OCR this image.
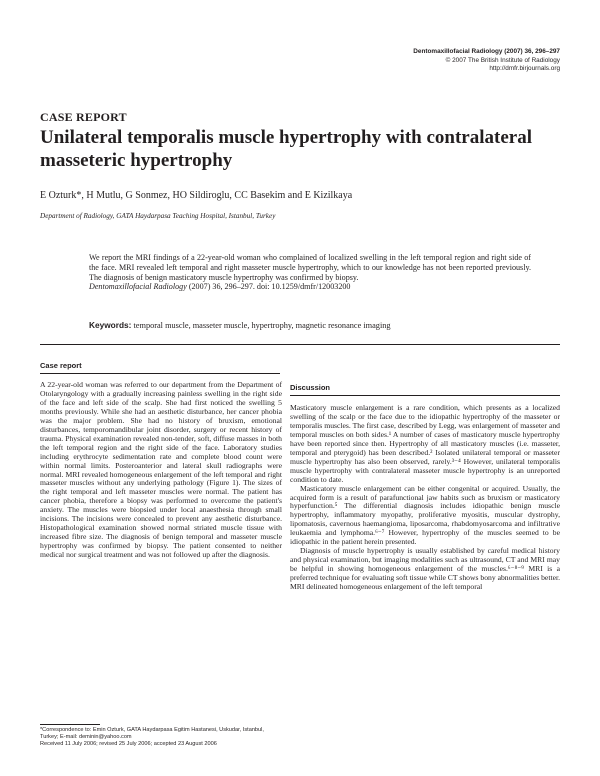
Dentomaxillofacial Radiology (2007) 36, 296–297
© 2007 The British Institute of Radiology
http://dmfr.birjournals.org
CASE REPORT
Unilateral temporalis muscle hypertrophy with contralateral masseteric hypertrophy
E Ozturk*, H Mutlu, G Sonmez, HO Sildiroglu, CC Basekim and E Kizilkaya
Department of Radiology, GATA Haydarpasa Teaching Hospital, Istanbul, Turkey
We report the MRI findings of a 22-year-old woman who complained of localized swelling in the left temporal region and right side of the face. MRI revealed left temporal and right masseter muscle hypertrophy, which to our knowledge has not been reported previously. The diagnosis of benign masticatory muscle hypertrophy was confirmed by biopsy.
Dentomaxillofacial Radiology (2007) 36, 296–297. doi: 10.1259/dmfr/12003200
Keywords: temporal muscle, masseter muscle, hypertrophy, magnetic resonance imaging
Case report

A 22-year-old woman was referred to our department from the Department of Otolaryngology with a gradually increasing painless swelling in the right side of the face and left side of the scalp. She had first noticed the swelling 5 months previously. While she had an aesthetic disturbance, her cancer phobia was the major problem. She had no history of bruxism, emotional disturbances, temporomandibular joint disorder, surgery or recent history of trauma. Physical examination revealed non-tender, soft, diffuse masses in both the left temporal region and the right side of the face. Laboratory studies including erythrocyte sedimentation rate and complete blood count were within normal limits. Posteroanterior and lateral skull radiographs were normal. MRI revealed homogeneous enlargement of the left temporal and right masseter muscles without any underlying pathology (Figure 1). The sizes of the right temporal and left masseter muscles were normal. The patient has cancer phobia, therefore a biopsy was performed to overcome the patient's anxiety. The muscles were biopsied under local anaesthesia through small incisions. The incisions were concealed to prevent any aesthetic disturbance. Histopathological examination showed normal striated muscle tissue with increased fibre size. The diagnosis of benign temporal and masseter muscle hypertrophy was confirmed by biopsy. The patient consented to neither medical nor surgical treatment and was not followed up after the diagnosis.

*Correspondence to: Emin Ozturk, GATA Haydarpasa Egitim Hastanesi, Uskudar, Istanbul, Turkey; E-mail: deminin@yahoo.com
Received 11 July 2006; revised 25 July 2006; accepted 23 August 2006
Discussion

Masticatory muscle enlargement is a rare condition, which presents as a localized swelling of the scalp or the face due to the idiopathic hypertrophy of the masseter or temporalis muscles. The first case, described by Legg, was enlargement of masseter and temporal muscles on both sides.¹ A number of cases of masticatory muscle hypertrophy have been reported since then. Hypertrophy of all masticatory muscles (i.e. masseter, temporal and pterygoid) has been described.² Isolated unilateral temporal or masseter muscle hypertrophy has also been observed, rarely.³⁻⁴ However, unilateral temporalis muscle hypertrophy with contralateral masseter muscle hypertrophy is an unreported condition to date.

Masticatory muscle enlargement can be either congenital or acquired. Usually, the acquired form is a result of parafunctional jaw habits such as bruxism or masticatory hyperfunction.⁵ The differential diagnosis includes idiopathic benign muscle hypertrophy, inflammatory myopathy, proliferative myositis, muscular dystrophy, lipomatosis, cavernous haemangioma, liposarcoma, rhabdomyosarcoma and infiltrative leukaemia and lymphoma.⁶⁻⁷ However, hypertrophy of the muscles seemed to be idiopathic in the patient herein presented.

Diagnosis of muscle hypertrophy is usually established by careful medical history and physical examination, but imaging modalities such as ultrasound, CT and MRI may be helpful in showing homogeneous enlargement of the muscles.⁶⁻⁸⁻⁹ MRI is a preferred technique for evaluating soft tissue while CT shows bony abnormalities better. MRI delineated homogeneous enlargement of the left temporal
